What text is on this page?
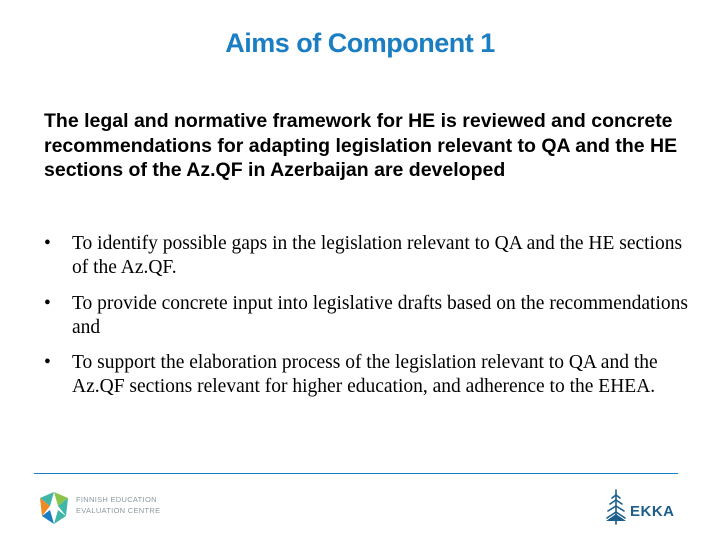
Aims of Component 1
The legal and normative framework for HE is reviewed and concrete recommendations for adapting legislation relevant to QA and the HE sections of the Az.QF in Azerbaijan are developed
•	To identify possible gaps in the legislation relevant to QA and the HE sections of the Az.QF.
•	To provide concrete input into legislative drafts based on the recommendations and
•	To support the elaboration process of the legislation relevant to QA and the Az.QF sections relevant for higher education, and adherence to the EHEA.
FINNISH EDUCATION
EVALUATION CENTRE	EKKA
